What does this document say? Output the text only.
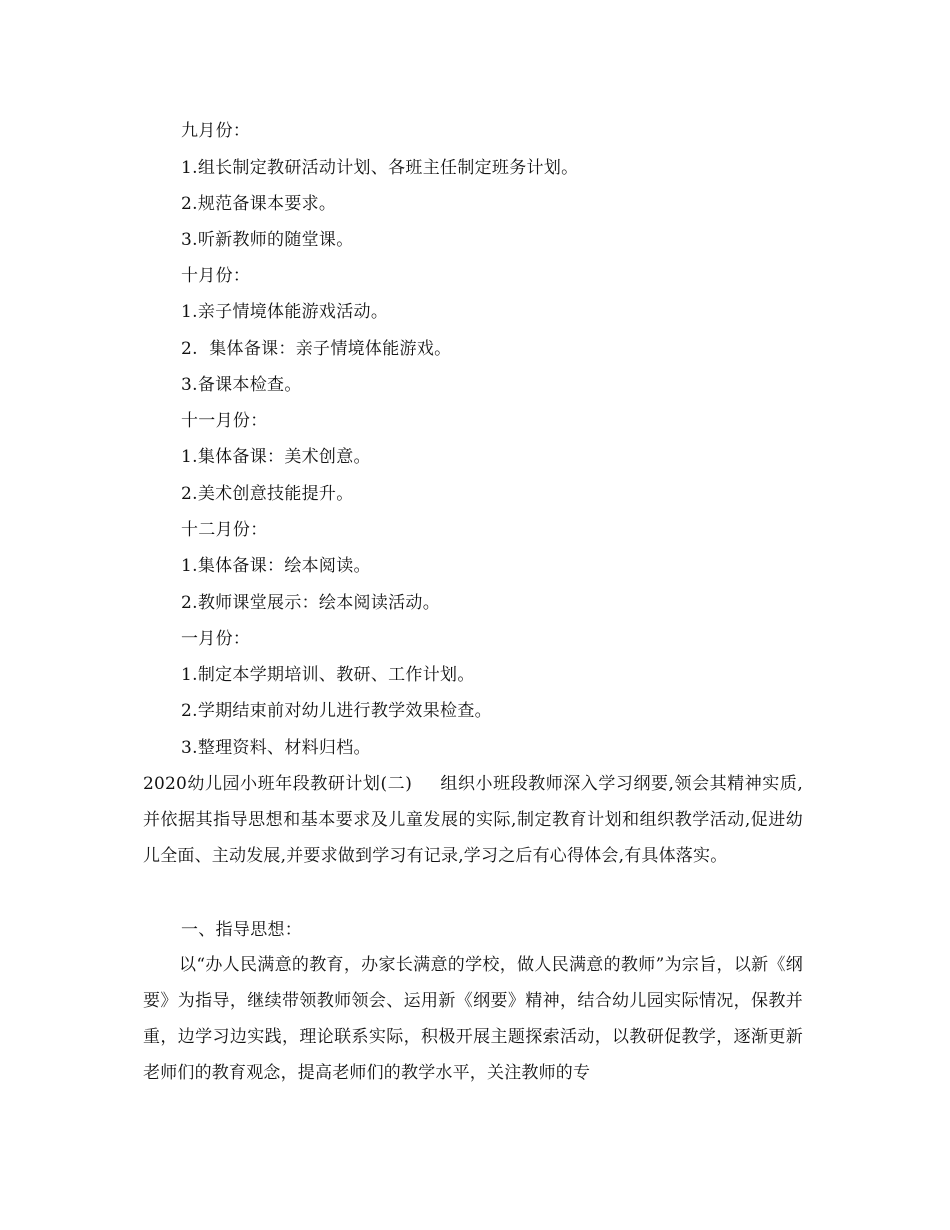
九月份：
1.组长制定教研活动计划、各班主任制定班务计划。
2.规范备课本要求。
3.听新教师的随堂课。
十月份：
1.亲子情境体能游戏活动。
2.  集体备课：亲子情境体能游戏。
3.备课本检查。
十一月份：
1.集体备课：美术创意。
2.美术创意技能提升。
十二月份：
1.集体备课：绘本阅读。
2.教师课堂展示：绘本阅读活动。
一月份：
1.制定本学期培训、教研、工作计划。
2.学期结束前对幼儿进行教学效果检查。
3.整理资料、材料归档。
2020幼儿园小班年段教研计划(二) 组织小班段教师深入学习纲要,领会其精神实质,并依据其指导思想和基本要求及儿童发展的实际,制定教育计划和组织教学活动,促进幼儿全面、主动发展,并要求做到学习有记录,学习之后有心得体会,有具体落实。
一、指导思想：
以“办人民满意的教育，办家长满意的学校，做人民满意的教师”为宗旨，以新《纲要》为指导，继续带领教师领会、运用新《纲要》精神，结合幼儿园实际情况，保教并重，边学习边实践，理论联系实际，积极开展主题探索活动，以教研促教学，逐渐更新老师们的教育观念，提高老师们的教学水平，关注教师的专
